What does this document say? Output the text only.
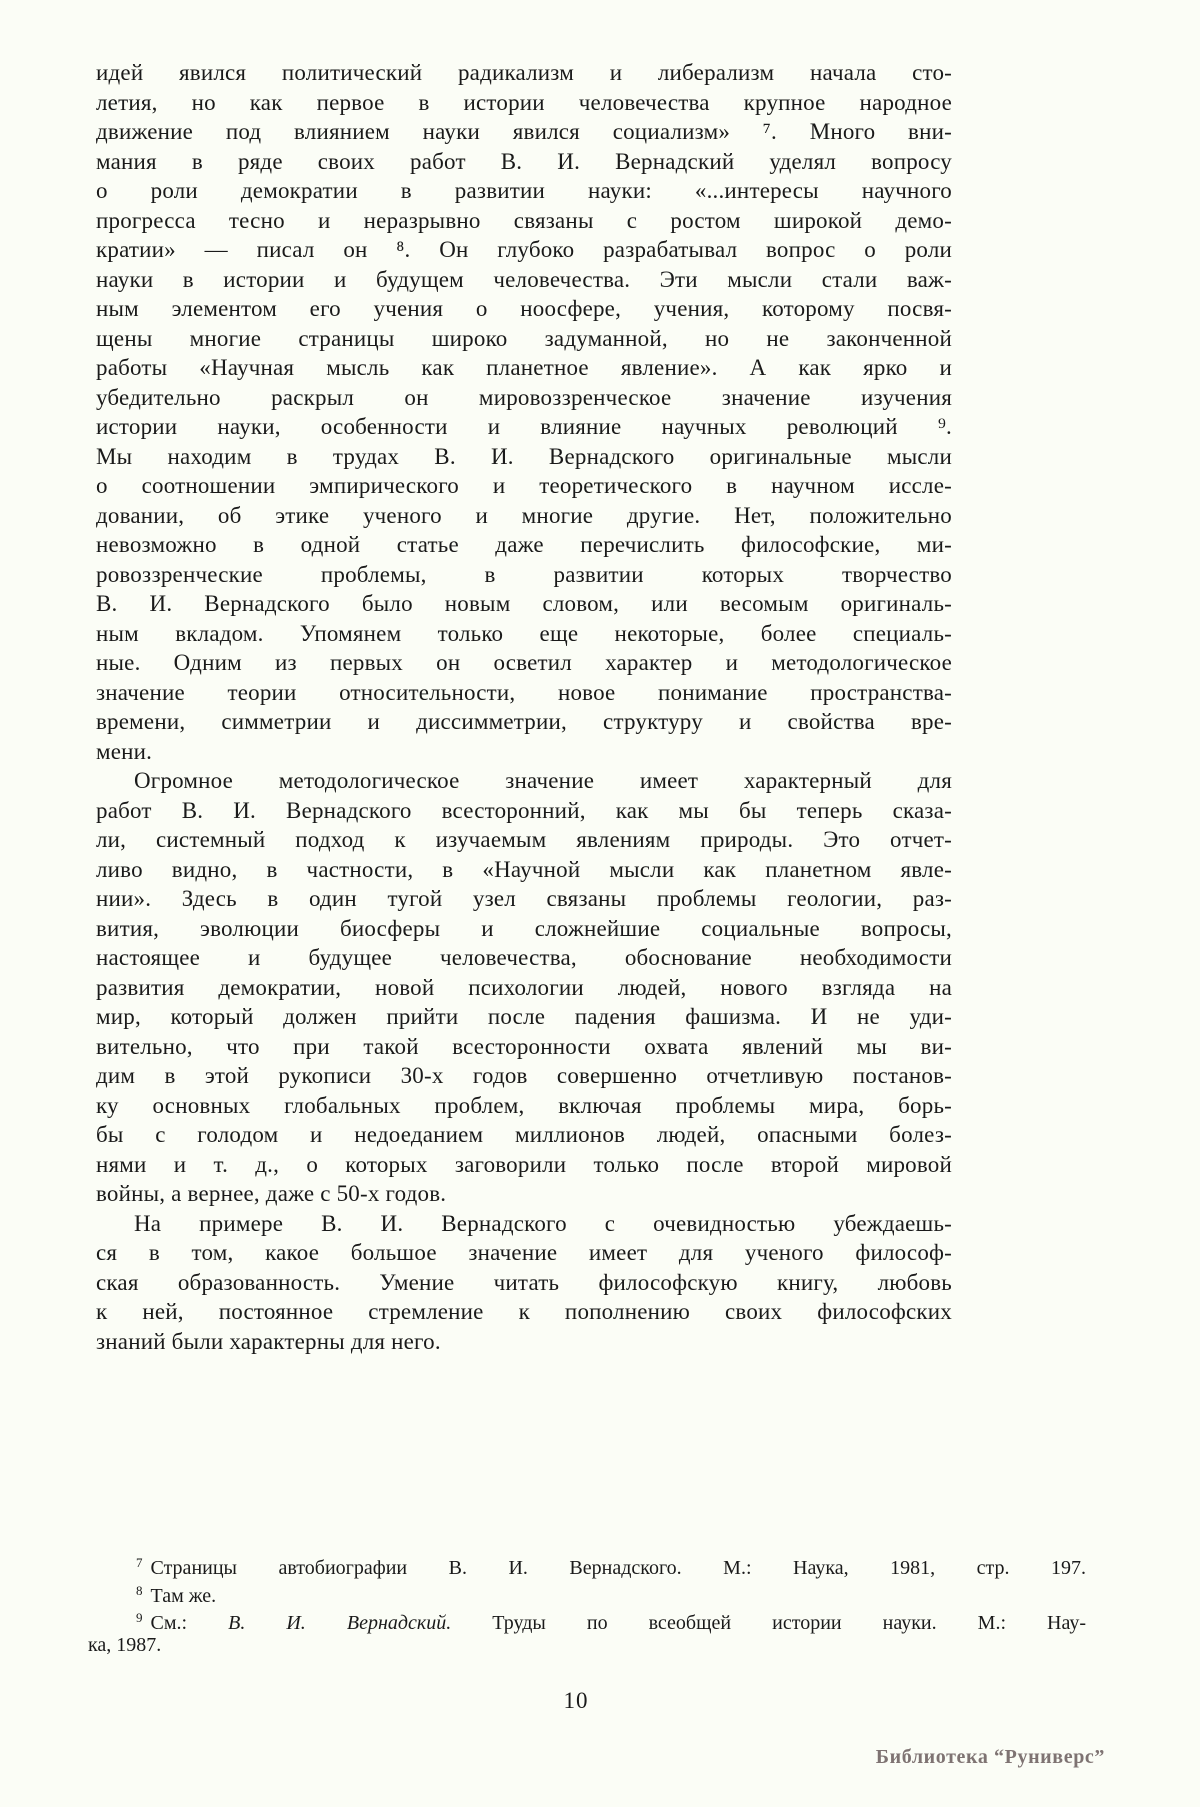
идей явился политический радикализм и либерализм начала сто-
летия, но как первое в истории человечества крупное народное
движение под влиянием науки явился социализм» ⁷. Много вни-
мания в ряде своих работ В. И. Вернадский уделял вопросу
о роли демократии в развитии науки: «...интересы научного
прогресса тесно и неразрывно связаны с ростом широкой демо-
кратии» — писал он ⁸. Он глубоко разрабатывал вопрос о роли
науки в истории и будущем человечества. Эти мысли стали важ-
ным элементом его учения о ноосфере, учения, которому посвя-
щены многие страницы широко задуманной, но не законченной
работы «Научная мысль как планетное явление». А как ярко и
убедительно раскрыл он мировоззренческое значение изучения
истории науки, особенности и влияние научных революций ⁹.
Мы находим в трудах В. И. Вернадского оригинальные мысли
о соотношении эмпирического и теоретического в научном иссле-
довании, об этике ученого и многие другие. Нет, положительно
невозможно в одной статье даже перечислить философские, ми-
ровоззренческие проблемы, в развитии которых творчество
В. И. Вернадского было новым словом, или весомым оригиналь-
ным вкладом. Упомянем только еще некоторые, более специаль-
ные. Одним из первых он осветил характер и методологическое
значение теории относительности, новое понимание пространства-
времени, симметрии и диссимметрии, структуру и свойства вре-
мени.
Огромное методологическое значение имеет характерный для
работ В. И. Вернадского всесторонний, как мы бы теперь сказа-
ли, системный подход к изучаемым явлениям природы. Это отчет-
ливо видно, в частности, в «Научной мысли как планетном явле-
нии». Здесь в один тугой узел связаны проблемы геологии, раз-
вития, эволюции биосферы и сложнейшие социальные вопросы,
настоящее и будущее человечества, обоснование необходимости
развития демократии, новой психологии людей, нового взгляда на
мир, который должен прийти после падения фашизма. И не уди-
вительно, что при такой всесторонности охвата явлений мы ви-
дим в этой рукописи 30-х годов совершенно отчетливую постанов-
ку основных глобальных проблем, включая проблемы мира, борь-
бы с голодом и недоеданием миллионов людей, опасными болез-
нями и т. д., о которых заговорили только после второй мировой
войны, а вернее, даже с 50-х годов.
На примере В. И. Вернадского с очевидностью убеждаешь-
ся в том, какое большое значение имеет для ученого философ-
ская образованность. Умение читать философскую книгу, любовь
к ней, постоянное стремление к пополнению своих философских
знаний были характерны для него.
$^7$ Страницы автобиографии В. И. Вернадского. М.: Наука, 1981, стр. 197.
$^8$ Там же.
$^9$ См.: В. И. Вернадский. Труды по всеобщей истории науки. М.: Нау-
ка, 1987.
10
Библиотека “Руниверс”
